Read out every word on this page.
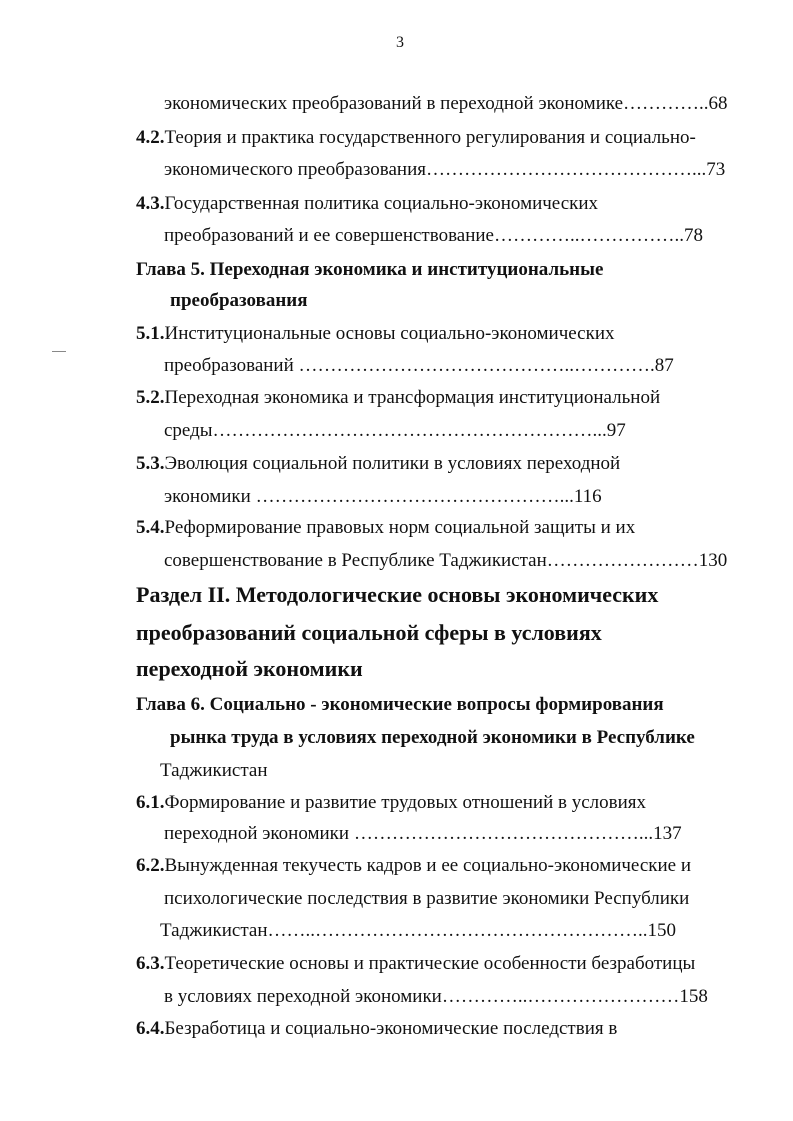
3
экономических преобразований в переходной экономике…………..68
4.2.Теория и практика государственного регулирования и социально-
экономического преобразования……………………………………...73
4.3.Государственная политика социально-экономических
преобразований и ее совершенствование…………..……………..78
Глава 5. Переходная экономика и институциональные
преобразования
5.1.Институциональные основы социально-экономических
преобразований ……………………………………..………….87
5.2.Переходная экономика и трансформация институциональной
среды……………………………………………………...97
5.3.Эволюция социальной политики в условиях переходной
экономики …………………………………………...116
5.4.Реформирование правовых норм социальной защиты и их
совершенствование в Республике Таджикистан……………………130
Раздел II. Методологические основы экономических
преобразований социальной сферы в условиях
переходной экономики
Глава 6. Социально - экономические вопросы формирования
рынка труда в условиях переходной экономики в Республике
Таджикистан
6.1.Формирование и развитие трудовых отношений в условиях
переходной экономики ………………………………………...137
6.2.Вынужденная текучесть кадров и ее социально-экономические и
психологические последствия в развитие экономики Республики
Таджикистан……..……………………………………………..150
6.3.Теоретические основы и практические особенности безработицы
в условиях переходной экономики…………..……………………158
6.4.Безработица и социально-экономические последствия в
